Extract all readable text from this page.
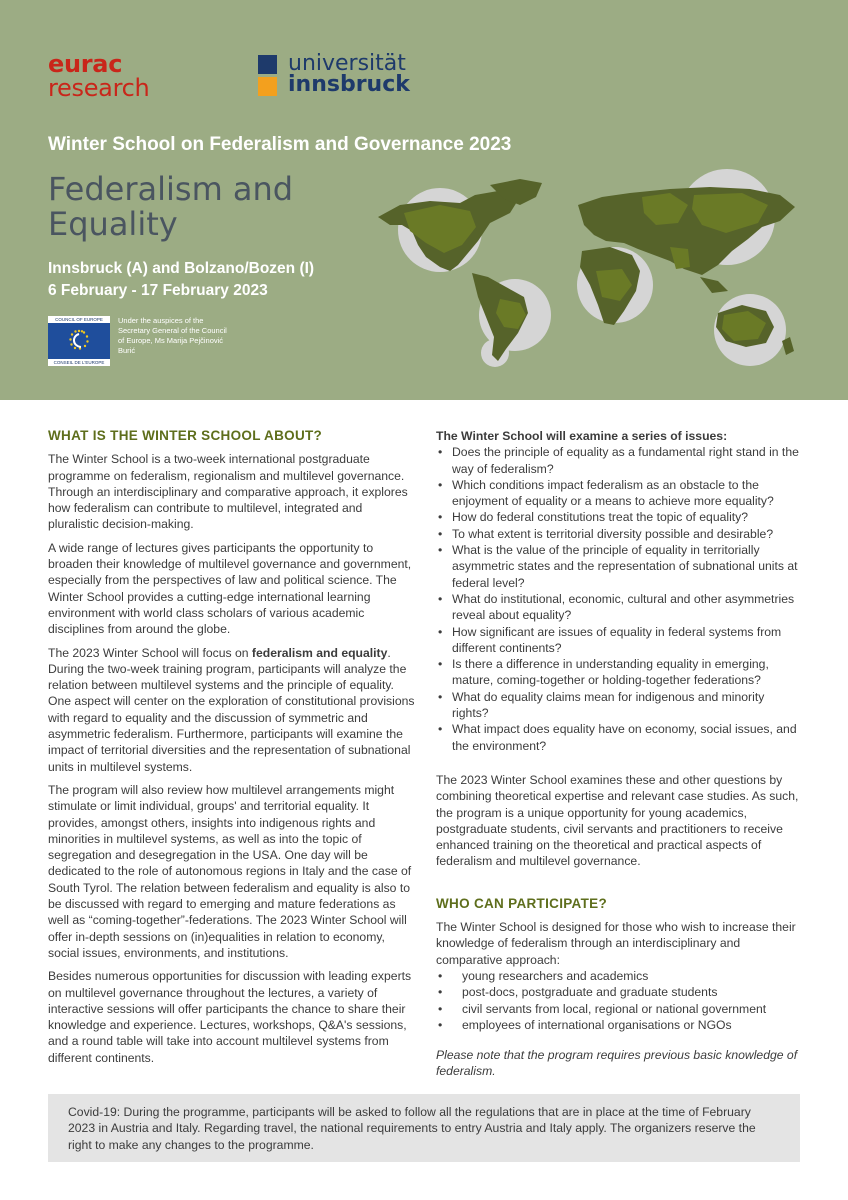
eurac
research
universität
innsbruck
Winter School on Federalism and Governance 2023
Federalism and Equality
Innsbruck (A) and Bolzano/Bozen (I)
6 February - 17 February 2023
COUNCIL OF EUROPE
CONSEIL DE L'EUROPE
Under the auspices of the Secretary General of the Council of Europe, Ms Marija Pejčinović Burić
WHAT IS THE WINTER SCHOOL ABOUT?

The Winter School is a two-week international postgraduate programme on federalism, regionalism and multilevel governance. Through an interdisciplinary and comparative approach, it explores how federalism can contribute to multilevel, integrated and pluralistic decision-making.

A wide range of lectures gives participants the opportunity to broaden their knowledge of multilevel governance and government, especially from the perspectives of law and political science. The Winter School provides a cutting-edge international learning environment with world class scholars of various academic disciplines from around the globe.

The 2023 Winter School will focus on federalism and equality. During the two-week training program, participants will analyze the relation between multilevel systems and the principle of equality. One aspect will center on the exploration of constitutional provisions with regard to equality and the discussion of symmetric and asymmetric federalism. Furthermore, participants will examine the impact of territorial diversities and the representation of subnational units in multilevel systems.

The program will also review how multilevel arrangements might stimulate or limit individual, groups' and territorial equality. It provides, amongst others, insights into indigenous rights and minorities in multilevel systems, as well as into the topic of segregation and desegregation in the USA. One day will be dedicated to the role of autonomous regions in Italy and the case of South Tyrol. The relation between federalism and equality is also to be discussed with regard to emerging and mature federations as well as “coming-together”-federations. The 2023 Winter School will offer in-depth sessions on (in)equalities in relation to economy, social issues, environments, and institutions.

Besides numerous opportunities for discussion with leading experts on multilevel governance throughout the lectures, a variety of interactive sessions will offer participants the chance to share their knowledge and experience. Lectures, workshops, Q&A's sessions, and a round table will take into account multilevel systems from different continents.

The Winter School will examine a series of issues:
• Does the principle of equality as a fundamental right stand in the way of federalism?
• Which conditions impact federalism as an obstacle to the enjoyment of equality or a means to achieve more equality?
• How do federal constitutions treat the topic of equality?
• To what extent is territorial diversity possible and desirable?
• What is the value of the principle of equality in territorially asymmetric states and the representation of subnational units at federal level?
• What do institutional, economic, cultural and other asymmetries reveal about equality?
• How significant are issues of equality in federal systems from different continents?
• Is there a difference in understanding equality in emerging, mature, coming-together or holding-together federations?
• What do equality claims mean for indigenous and minority rights?
• What impact does equality have on economy, social issues, and the environment?

The 2023 Winter School examines these and other questions by combining theoretical expertise and relevant case studies. As such, the program is a unique opportunity for young academics, postgraduate students, civil servants and practitioners to receive enhanced training on the theoretical and practical aspects of federalism and multilevel governance.

WHO CAN PARTICIPATE?
The Winter School is designed for those who wish to increase their knowledge of federalism through an interdisciplinary and comparative approach:
• young researchers and academics
• post-docs, postgraduate and graduate students
• civil servants from local, regional or national government
• employees of international organisations or NGOs

Please note that the program requires previous basic knowledge of federalism.

Covid-19: During the programme, participants will be asked to follow all the regulations that are in place at the time of February 2023 in Austria and Italy. Regarding travel, the national requirements to entry Austria and Italy apply. The organizers reserve the right to make any changes to the programme.
